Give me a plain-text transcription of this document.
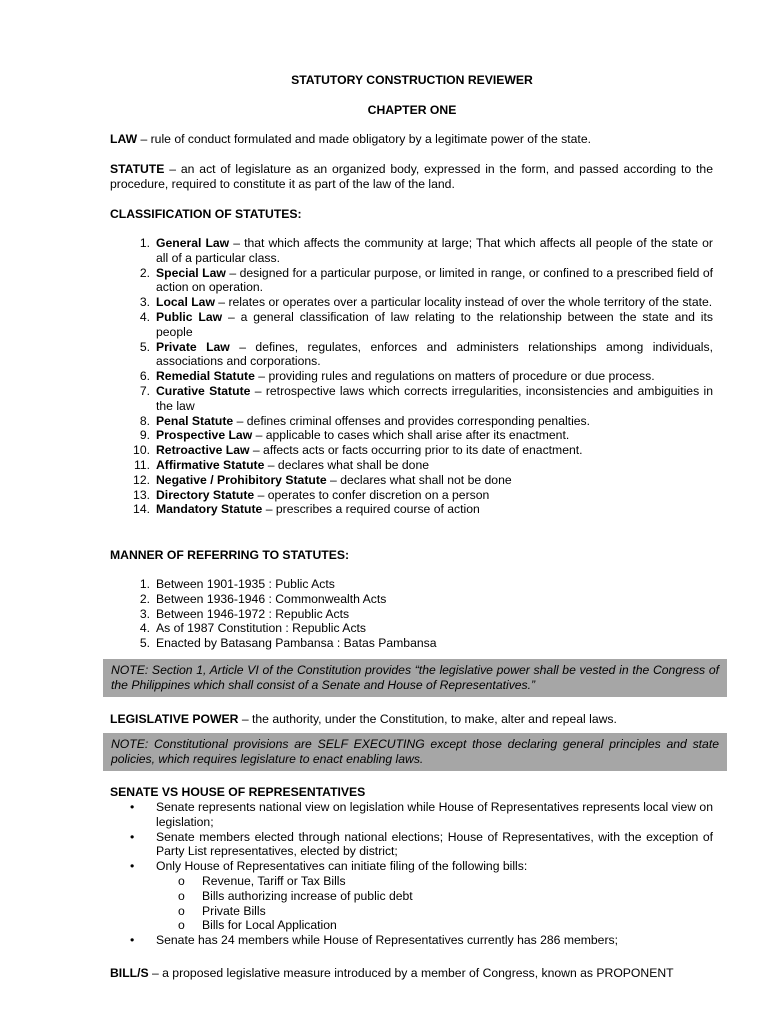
STATUTORY CONSTRUCTION REVIEWER
CHAPTER ONE
LAW – rule of conduct formulated and made obligatory by a legitimate power of the state.
STATUTE – an act of legislature as an organized body, expressed in the form, and passed according to the procedure, required to constitute it as part of the law of the land.
CLASSIFICATION OF STATUTES:
1. General Law – that which affects the community at large; That which affects all people of the state or all of a particular class.
2. Special Law – designed for a particular purpose, or limited in range, or confined to a prescribed field of action on operation.
3. Local Law – relates or operates over a particular locality instead of over the whole territory of the state.
4. Public Law – a general classification of law relating to the relationship between the state and its people
5. Private Law – defines, regulates, enforces and administers relationships among individuals, associations and corporations.
6. Remedial Statute – providing rules and regulations on matters of procedure or due process.
7. Curative Statute – retrospective laws which corrects irregularities, inconsistencies and ambiguities in the law
8. Penal Statute – defines criminal offenses and provides corresponding penalties.
9. Prospective Law – applicable to cases which shall arise after its enactment.
10. Retroactive Law – affects acts or facts occurring prior to its date of enactment.
11. Affirmative Statute – declares what shall be done
12. Negative / Prohibitory Statute – declares what shall not be done
13. Directory Statute – operates to confer discretion on a person
14. Mandatory Statute – prescribes a required course of action
MANNER OF REFERRING TO STATUTES:
1. Between 1901-1935 : Public Acts
2. Between 1936-1946 : Commonwealth Acts
3. Between 1946-1972 : Republic Acts
4. As of 1987 Constitution : Republic Acts
5. Enacted by Batasang Pambansa : Batas Pambansa
NOTE: Section 1, Article VI of the Constitution provides “the legislative power shall be vested in the Congress of the Philippines which shall consist of a Senate and House of Representatives.”
LEGISLATIVE POWER – the authority, under the Constitution, to make, alter and repeal laws.
NOTE: Constitutional provisions are SELF EXECUTING except those declaring general principles and state policies, which requires legislature to enact enabling laws.
SENATE VS HOUSE OF REPRESENTATIVES
• Senate represents national view on legislation while House of Representatives represents local view on legislation;
• Senate members elected through national elections; House of Representatives, with the exception of Party List representatives, elected by district;
• Only House of Representatives can initiate filing of the following bills:
o Revenue, Tariff or Tax Bills
o Bills authorizing increase of public debt
o Private Bills
o Bills for Local Application
• Senate has 24 members while House of Representatives currently has 286 members;
BILL/S – a proposed legislative measure introduced by a member of Congress, known as PROPONENT
